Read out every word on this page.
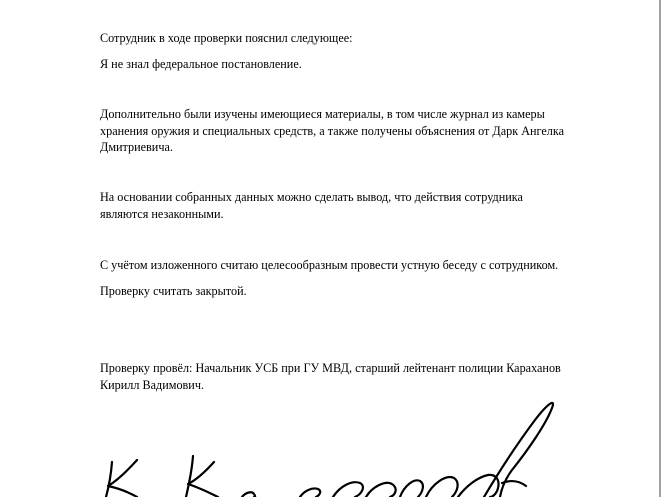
Сотрудник в ходе проверки пояснил следующее:

Я не знал федеральное постановление.

Дополнительно были изучены имеющиеся материалы, в том числе журнал из камеры
хранения оружия и специальных средств, а также получены объяснения от Дарк Ангелка
Дмитриевича.

На основании собранных данных можно сделать вывод, что действия сотрудника
являются незаконными.

С учётом изложенного считаю целесообразным провести устную беседу с сотрудником.

Проверку считать закрытой.

Проверку провёл: Начальник УСБ при ГУ МВД, старший лейтенант полиции Караханов
Кирилл Вадимович.
